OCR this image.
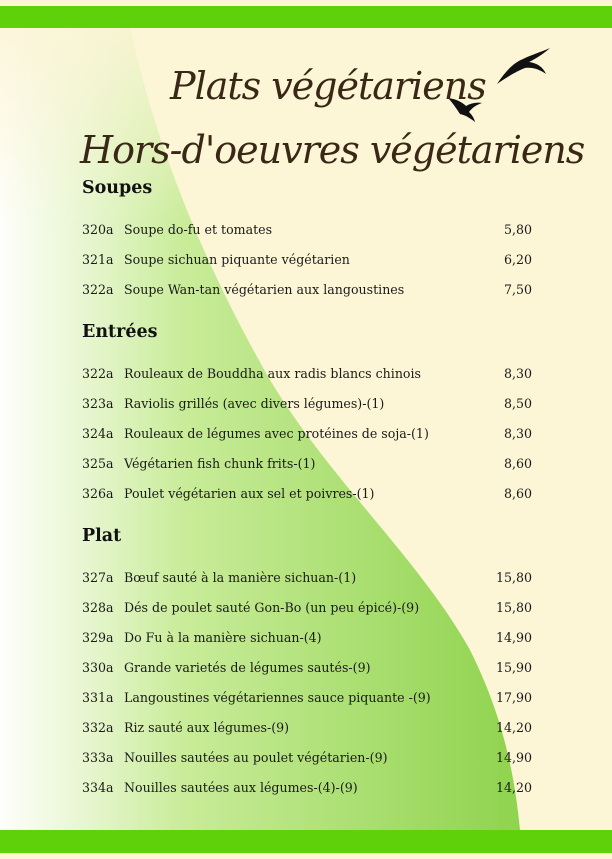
Plats végétariens
Hors-d'oeuvres végétariens
Soupes
320a Soupe do-fu et tomates	5,80
321a Soupe sichuan piquante végétarien	6,20
322a Soupe Wan-tan végétarien aux langoustines	7,50
Entrées
322a Rouleaux de Bouddha aux radis blancs chinois	8,30
323a Raviolis grillés (avec divers légumes)-(1)	8,50
324a Rouleaux de légumes avec protéines de soja-(1)	8,30
325a Végétarien fish chunk frits-(1)	8,60
326a Poulet végétarien aux sel et poivres-(1)	8,60
Plat
327a Bœuf sauté à la manière sichuan-(1)	15,80
328a Dés de poulet sauté Gon-Bo (un peu épicé)-(9)	15,80
329a Do Fu à la manière sichuan-(4)	14,90
330a Grande varietés de légumes sautés-(9)	15,90
331a Langoustines végétariennes sauce piquante -(9)	17,90
332a Riz sauté aux légumes-(9)	14,20
333a Nouilles sautées au poulet végétarien-(9)	14,90
334a Nouilles sautées aux légumes-(4)-(9)	14,20
